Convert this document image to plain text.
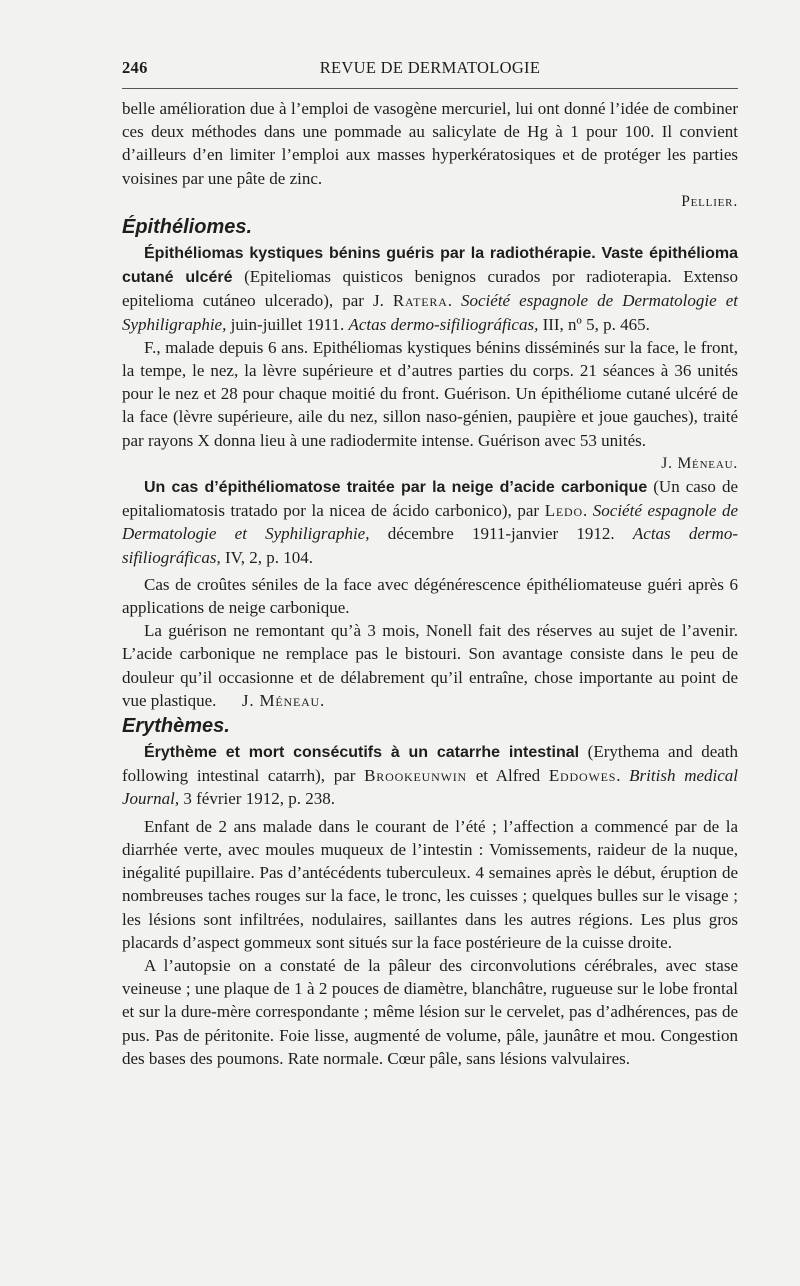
246	REVUE DE DERMATOLOGIE

belle amélioration due à l’emploi de vasogène mercuriel, lui ont donné l’idée de combiner ces deux méthodes dans une pommade au salicylate de Hg à 1 pour 100. Il convient d’ailleurs d’en limiter l’emploi aux masses hyperkératosiques et de protéger les parties voisines par une pâte de zinc.

Pellier.
Épithéliomes.

Épithéliomas kystiques bénins guéris par la radiothérapie. Vaste épithélioma cutané ulcéré (Epiteliomas quisticos benignos curados por radioterapia. Extenso epitelioma cutáneo ulcerado), par J. Ratera. Société espagnole de Dermatologie et Syphiligraphie, juin-juillet 1911. Actas dermo-sifiliográficas, III, nº 5, p. 465.

F., malade depuis 6 ans. Epithéliomas kystiques bénins disséminés sur la face, le front, la tempe, le nez, la lèvre supérieure et d’autres parties du corps. 21 séances à 36 unités pour le nez et 28 pour chaque moitié du front. Guérison. Un épithéliome cutané ulcéré de la face (lèvre supérieure, aile du nez, sillon naso-génien, paupière et joue gauches), traité par rayons X donna lieu à une radiodermite intense. Guérison avec 53 unités.

J. Méneau.

Un cas d’épithéliomatose traitée par la neige d’acide carbonique (Un caso de epitaliomatosis tratado por la nicea de ácido carbonico), par Ledo. Société espagnole de Dermatologie et Syphiligraphie, décembre 1911-janvier 1912. Actas dermo-sifiliográficas, IV, 2, p. 104.

Cas de croûtes séniles de la face avec dégénérescence épithéliomateuse guéri après 6 applications de neige carbonique.

La guérison ne remontant qu’à 3 mois, Nonell fait des réserves au sujet de l’avenir. L’acide carbonique ne remplace pas le bistouri. Son avantage consiste dans le peu de douleur qu’il occasionne et de délabrement qu’il entraîne, chose importante au point de vue plastique. J. Méneau.

Erythèmes.

Érythème et mort consécutifs à un catarrhe intestinal (Erythema and death following intestinal catarrh), par Brookeunwin et Alfred Eddowes. British medical Journal, 3 février 1912, p. 238.

Enfant de 2 ans malade dans le courant de l’été ; l’affection a commencé par de la diarrhée verte, avec moules muqueux de l’intestin : Vomissements, raideur de la nuque, inégalité pupillaire. Pas d’antécédents tuberculeux. 4 semaines après le début, éruption de nombreuses taches rouges sur la face, le tronc, les cuisses ; quelques bulles sur le visage ; les lésions sont infiltrées, nodulaires, saillantes dans les autres régions. Les plus gros placards d’aspect gommeux sont situés sur la face postérieure de la cuisse droite.

A l’autopsie on a constaté de la pâleur des circonvolutions cérébrales, avec stase veineuse ; une plaque de 1 à 2 pouces de diamètre, blanchâtre, rugueuse sur le lobe frontal et sur la dure-mère correspondante ; même lésion sur le cervelet, pas d’adhérences, pas de pus. Pas de péritonite. Foie lisse, augmenté de volume, pâle, jaunâtre et mou. Congestion des bases des poumons. Rate normale. Cœur pâle, sans lésions valvulaires.
